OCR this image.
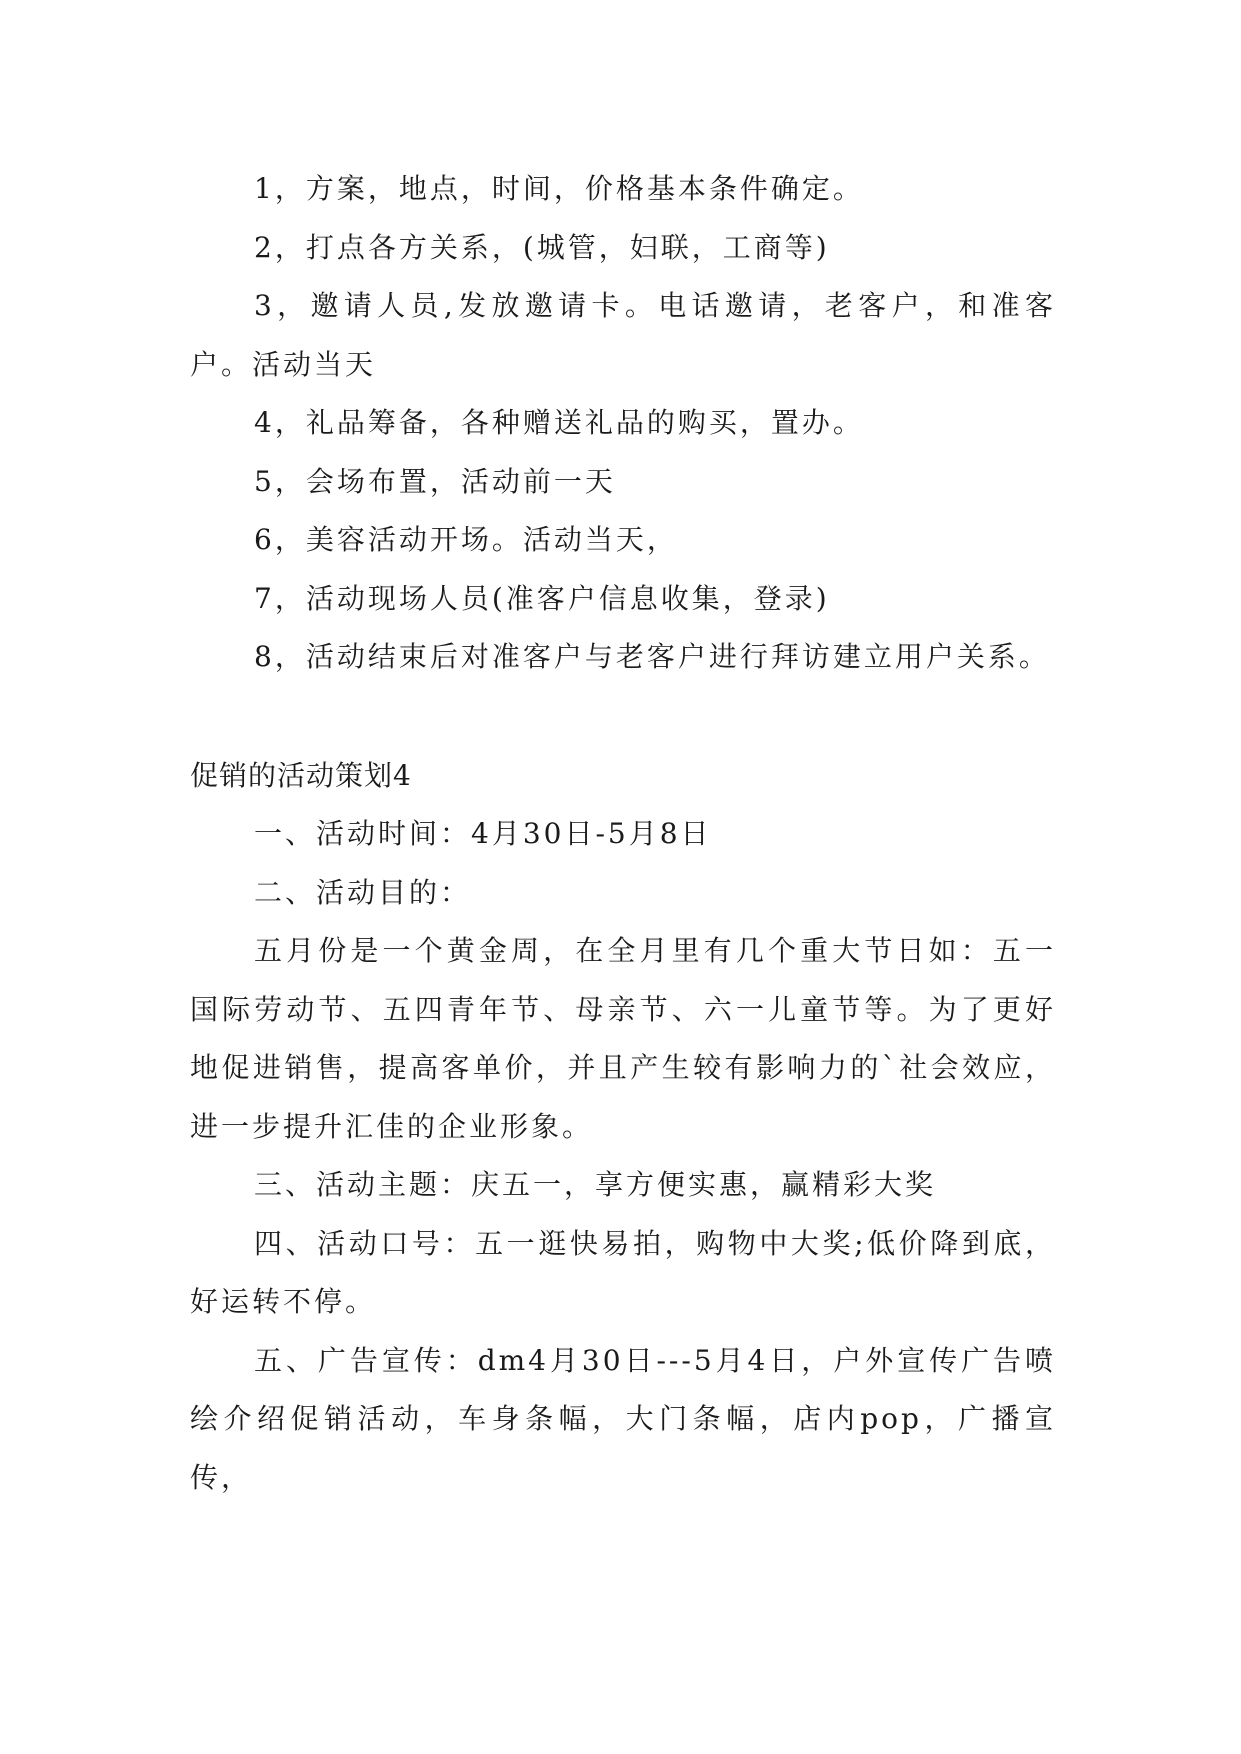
1，方案，地点，时间，价格基本条件确定。

2，打点各方关系，(城管，妇联，工商等)

3，邀请人员,发放邀请卡。电话邀请，老客户，和准客户。活动当天

4，礼品筹备，各种赠送礼品的购买，置办。

5，会场布置，活动前一天

6，美容活动开场。活动当天，

7，活动现场人员(准客户信息收集，登录)

8，活动结束后对准客户与老客户进行拜访建立用户关系。

促销的活动策划4

一、活动时间：4月30日-5月8日

二、活动目的：

五月份是一个黄金周，在全月里有几个重大节日如：五一国际劳动节、五四青年节、母亲节、六一儿童节等。为了更好地促进销售，提高客单价，并且产生较有影响力的`社会效应，进一步提升汇佳的企业形象。

三、活动主题：庆五一，享方便实惠，赢精彩大奖

四、活动口号：五一逛快易拍，购物中大奖;低价降到底，好运转不停。

五、广告宣传：dm4月30日---5月4日，户外宣传广告喷绘介绍促销活动，车身条幅，大门条幅，店内pop，广播宣传，
